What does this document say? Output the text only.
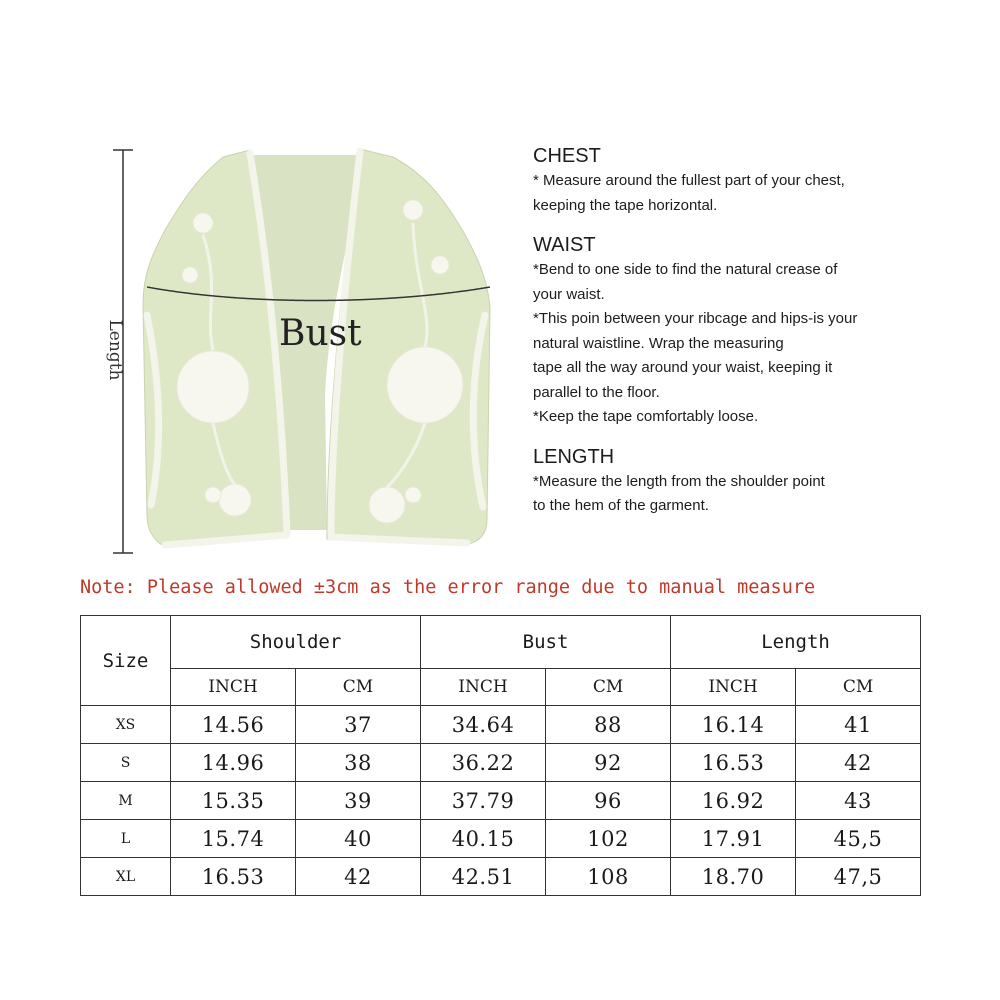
Length	Bust
CHEST
* Measure around the fullest part of your chest,
keeping the tape horizontal.
WAIST
*Bend to one side to find the natural crease of
your waist.
*This poin between your ribcage and hips-is your
natural waistline. Wrap the measuring
tape all the way around your waist, keeping it
parallel to the floor.
*Keep the tape comfortably loose.
LENGTH
*Measure the length from the shoulder point
to the hem of the garment.
Note: Please allowed ±3cm as the error range due to manual measure
Size	Shoulder		Bust		Length	
	INCH	CM	INCH	CM	INCH	CM
XS	14.56	37	34.64	88	16.14	41
S	14.96	38	36.22	92	16.53	42
M	15.35	39	37.79	96	16.92	43
L	15.74	40	40.15	102	17.91	45,5
XL	16.53	42	42.51	108	18.70	47,5
